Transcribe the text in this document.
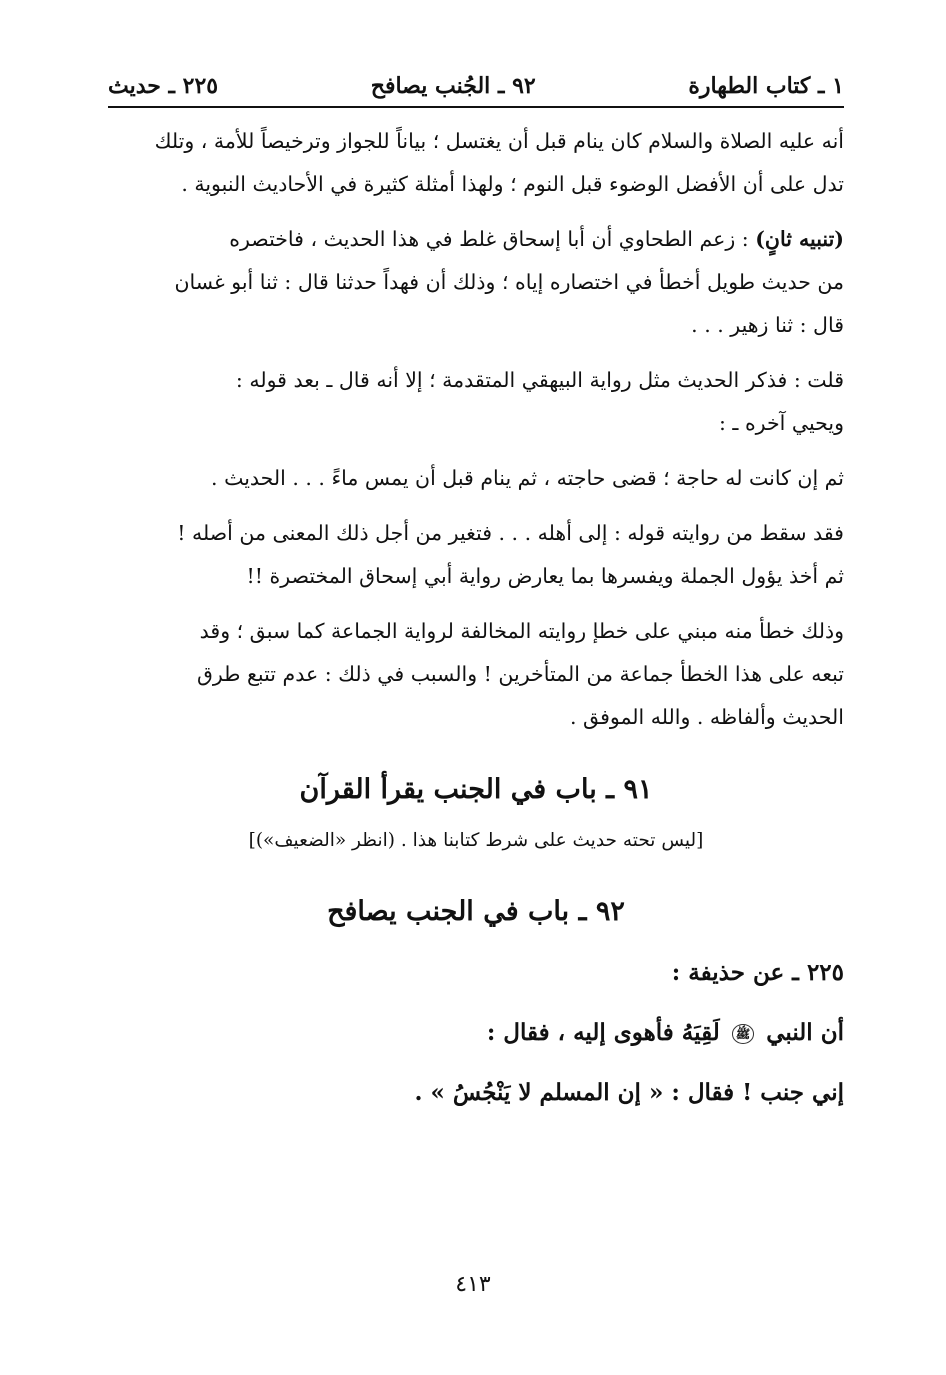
١ ـ كتاب الطهارة
٩٢ ـ الجُنب يصافح
٢٢٥ ـ حديث
أنه عليه الصلاة والسلام كان ينام قبل أن يغتسل ؛ بياناً للجواز وترخيصاً للأمة ، وتلك
تدل على أن الأفضل الوضوء قبل النوم ؛ ولهذا أمثلة كثيرة في الأحاديث النبوية .
(تنبيه ثانٍ) : زعم الطحاوي أن أبا إسحاق غلط في هذا الحديث ، فاختصره
من حديث طويل أخطأ في اختصاره إياه ؛ وذلك أن فهداً حدثنا قال : ثنا أبو غسان
قال : ثنا زهير . . .
قلت : فذكر الحديث مثل رواية البيهقي المتقدمة ؛ إلا أنه قال ـ بعد قوله :
ويحيي آخره ـ :
ثم إن كانت له حاجة ؛ قضى حاجته ، ثم ينام قبل أن يمس ماءً . . . الحديث .
فقد سقط من روايته قوله : إلى أهله . . . فتغير من أجل ذلك المعنى من أصله !
ثم أخذ يؤول الجملة ويفسرها بما يعارض رواية أبي إسحاق المختصرة !!
وذلك خطأ منه مبني على خطإ روايته المخالفة لرواية الجماعة كما سبق ؛ وقد
تبعه على هذا الخطأ جماعة من المتأخرين ! والسبب في ذلك : عدم تتبع طرق
الحديث وألفاظه . والله الموفق .
٩١ ـ باب في الجنب يقرأ القرآن
[ليس تحته حديث على شرط كتابنا هذا . (انظر «الضعيف»)]
٩٢ ـ باب في الجنب يصافح
٢٢٥ ـ عن حذيفة :
أن النبي ﷺ لَقِيَهُ فأهوى إليه ، فقال :
إني جنب ! فقال : « إن المسلم لا يَنْجُسُ » .
٤١٣
